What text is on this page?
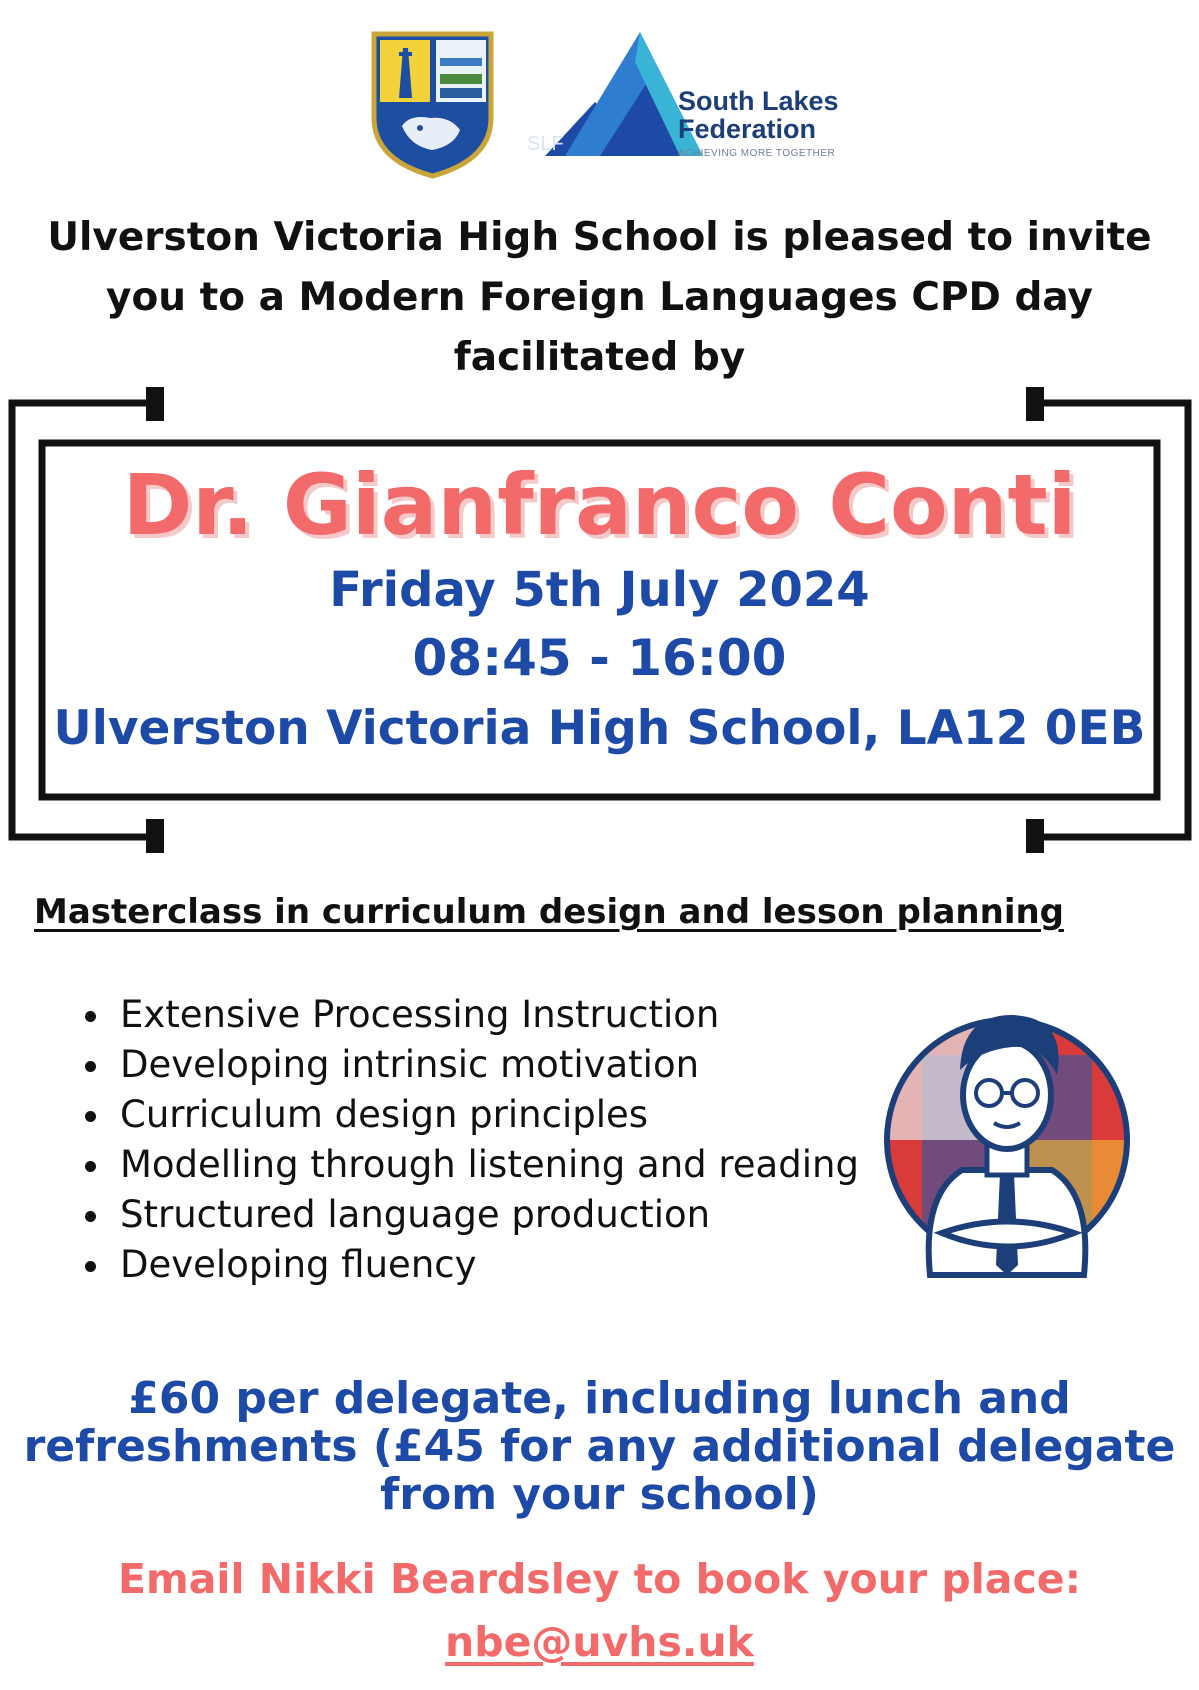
SLF
South Lakes
Federation
ACHIEVING MORE TOGETHER
Ulverston Victoria High School is pleased to invite
you to a Modern Foreign Languages CPD day
facilitated by
Dr. Gianfranco Conti
Friday 5th July 2024
08:45 - 16:00
Ulverston Victoria High School, LA12 0EB
Masterclass in curriculum design and lesson planning
• Extensive Processing Instruction
• Developing intrinsic motivation
• Curriculum design principles
• Modelling through listening and reading
• Structured language production
• Developing fluency
£60 per delegate, including lunch and
refreshments (£45 for any additional delegate
from your school)
Email Nikki Beardsley to book your place:
nbe@uvhs.uk
